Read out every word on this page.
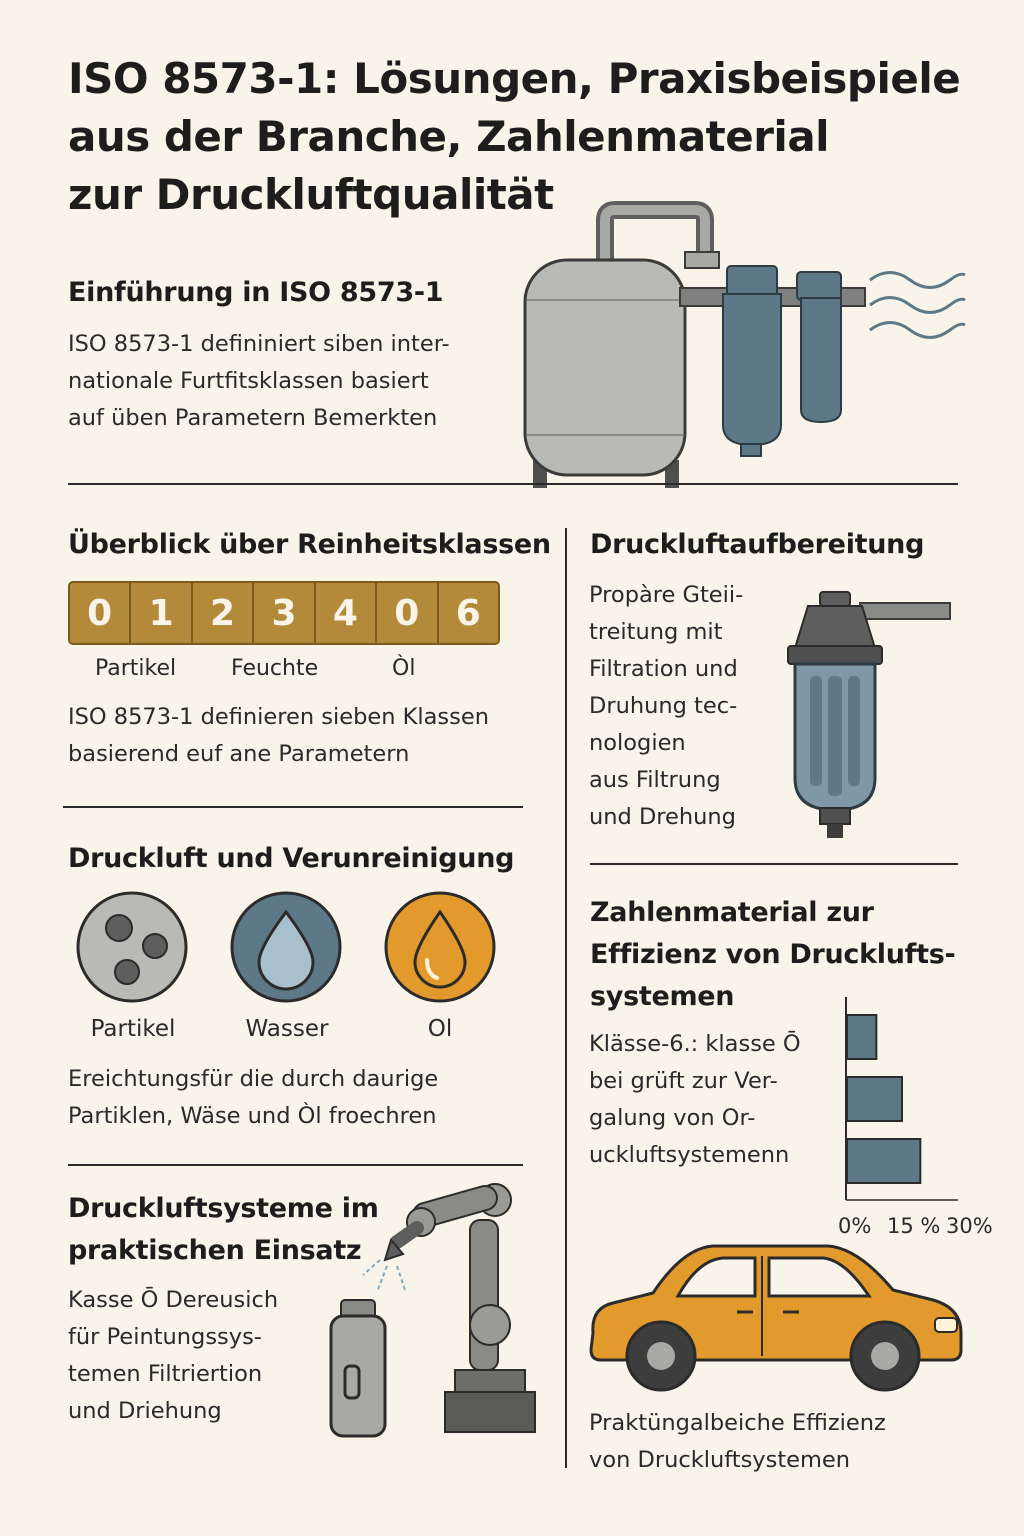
ISO 8573-1: Lösungen, Praxisbeispiele
aus der Branche, Zahlenmaterial
zur Druckluftqualität
Einführung in ISO 8573-1
ISO 8573-1 defininiert siben inter-
nationale Furtfitsklassen basiert
auf üben Parametern Bemerkten
Überblick über Reinheitsklassen
0	1	2	3	4	0	6
Partikel Feuchte	Òl
ISO 8573-1 definieren sieben Klassen
basierend euf ane Parametern
Druckluftaufbereitung
Propàre Gteii-
treitung mit
Filtration und
Druhung tec-
nologien
aus Filtrung
und Drehung
Druckluft und Verunreinigung
Partikel	Wasser	Ol
Ereichtungsfür die durch daurige
Partiklen, Wäse und Òl froechren
Zahlenmaterial zur
Effizienz von Drucklufts-
systemen
Klässe-6.: klasse Ō
bei grüft zur Ver-
galung von Or-
uckluftsystemenn
0% 15 % 30%
Druckluftsysteme im
praktischen Einsatz
Kasse Ō Dereusich
für Peintungssys-
temen Filtriertion
und Driehung	Praktüngalbeiche Effizienz
von Druckluftsystemen
